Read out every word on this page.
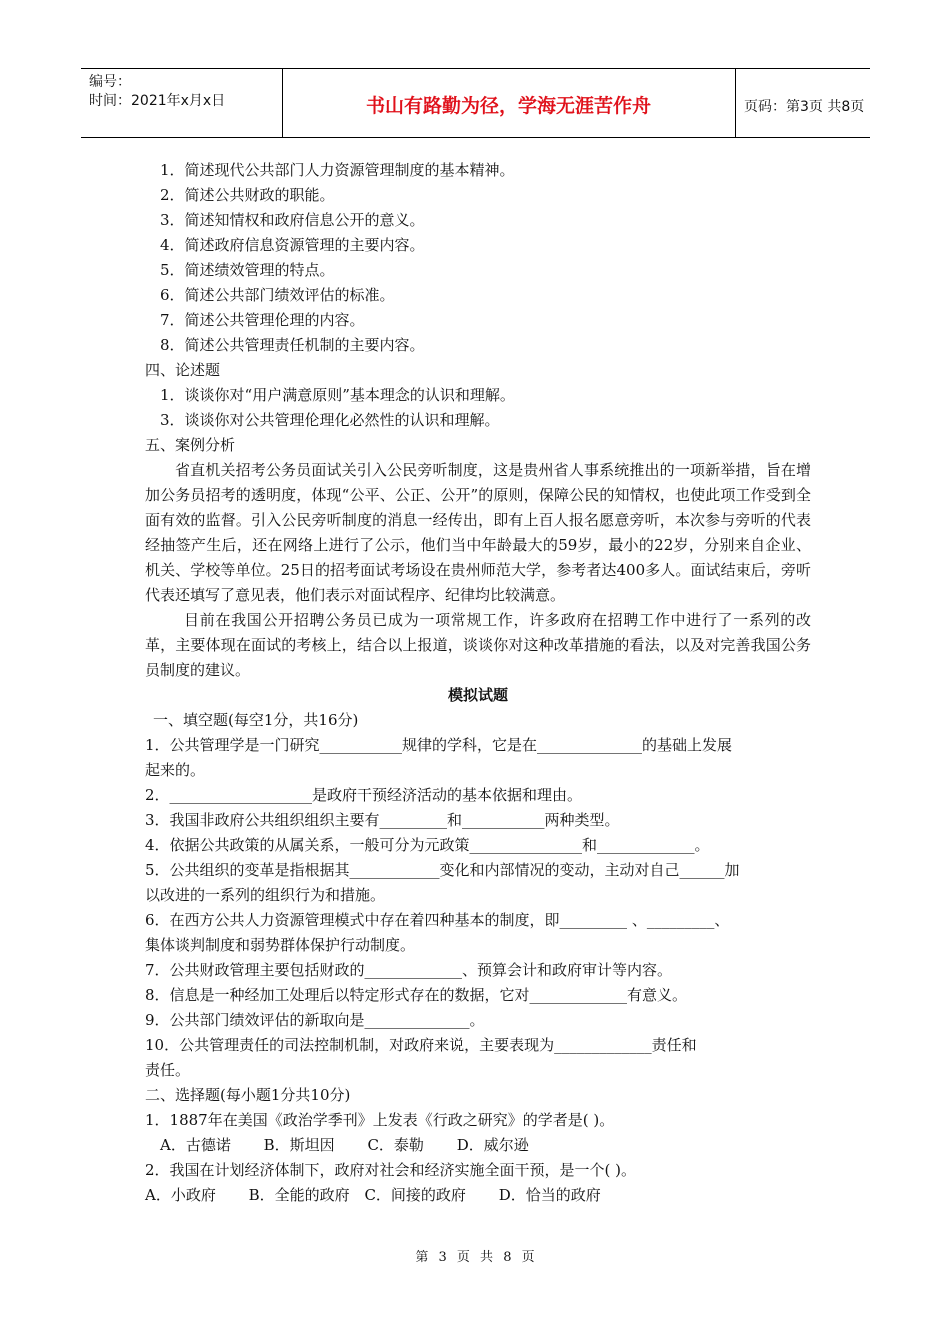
编号：
时间：2021年x月x日	书山有路勤为径，学海无涯苦作舟	页码：第3页 共8页
1．简述现代公共部门人力资源管理制度的基本精神。
2．简述公共财政的职能。
3．简述知情权和政府信息公开的意义。
4．简述政府信息资源管理的主要内容。
5．简述绩效管理的特点。
6．简述公共部门绩效评估的标准。
7．简述公共管理伦理的内容。
8．简述公共管理责任机制的主要内容。
四、论述题
1．谈谈你对“用户满意原则”基本理念的认识和理解。
3．谈谈你对公共管理伦理化必然性的认识和理解。
五、案例分析
省直机关招考公务员面试关引入公民旁听制度，这是贵州省人事系统推出的一项新举措，旨在增加公务员招考的透明度，体现“公平、公正、公开”的原则，保障公民的知情权，也使此项工作受到全面有效的监督。引入公民旁听制度的消息一经传出，即有上百人报名愿意旁听，本次参与旁听的代表经抽签产生后，还在网络上进行了公示，他们当中年龄最大的59岁，最小的22岁，分别来自企业、机关、学校等单位。25日的招考面试考场设在贵州师范大学，参考者达400多人。面试结束后，旁听代表还填写了意见表，他们表示对面试程序、纪律均比较满意。
目前在我国公开招聘公务员已成为一项常规工作，许多政府在招聘工作中进行了一系列的改革，主要体现在面试的考核上，结合以上报道，谈谈你对这种改革措施的看法，以及对完善我国公务员制度的建议。
模拟试题
一、填空题(每空1分，共16分)
1．公共管理学是一门研究___________规律的学科，它是在______________的基础上发展
起来的。
2．___________________是政府干预经济活动的基本依据和理由。
3．我国非政府公共组织组织主要有_________和___________两种类型。
4．依据公共政策的从属关系，一般可分为元政策_______________和_____________。
5．公共组织的变革是指根据其____________变化和内部情况的变动，主动对自己______加
以改进的一系列的组织行为和措施。
6．在西方公共人力资源管理模式中存在着四种基本的制度，即_________ 、_________、
集体谈判制度和弱势群体保护行动制度。
7．公共财政管理主要包括财政的_____________、预算会计和政府审计等内容。
8．信息是一种经加工处理后以特定形式存在的数据，它对_____________有意义。
9．公共部门绩效评估的新取向是______________。
10．公共管理责任的司法控制机制，对政府来说，主要表现为_____________责任和
责任。
二、选择题(每小题1分共10分)
1．1887年在美国《政治学季刊》上发表《行政之研究》的学者是( )。
A．古德诺 B．斯坦因 C．泰勒 D．威尔逊
2．我国在计划经济体制下，政府对社会和经济实施全面干预，是一个( )。
A．小政府 B．全能的政府 C．间接的政府 D．恰当的政府
第 3 页 共 8 页
